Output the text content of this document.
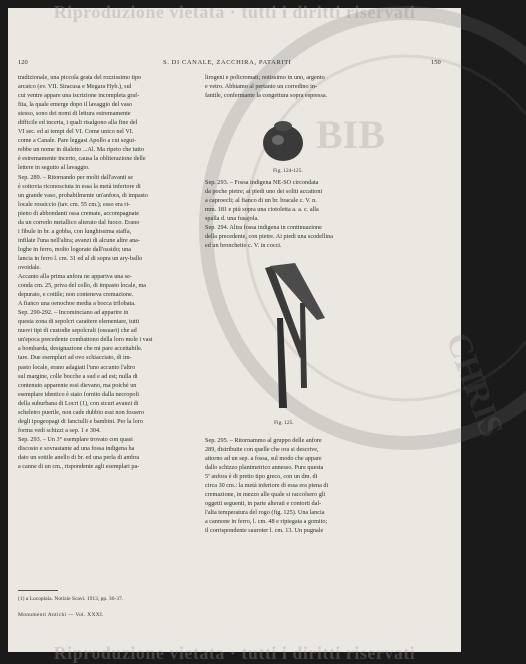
Riproduzione vietata · tutti i diritti riservati
BIB
CHRIS
120	S. DI CANALE, ZACCHIRA, PATARITI	150

tradizionale, una piccola grata del rozzissimo tipo

arcaico (ev. VII. Siracusa e Megara Hyb.), sul

cui ventre appare una iscrizione incompleta graf-

fita, la quale emerge dopo il lavaggio del vaso

stesso, sono dei nomi di lettura estremamente

difficile ed incerta, i quali risalgono alla fine del

VI sec. ed ai tempi del VI. Come unico nel VI.

come a Canale. Pare leggasi Apollo a cui segui-

rebbe un nome in dialetto ...Al. Ma ripeto che tutto

è estremamente incerto, causa la obliterazione delle

lettere in seguito al lavaggio.

Sep. 289. – Ritornando per molti dall'avanti se

è sottovia riconosciuta in essa la metà inferiore di

un grande vaso, probabilmente un'anfora, di impasto

locale rossiccio (tav. cm. 55 cm.); esso era ri-

pieno di abbondanti ossa cremate, accompagnate

da un corredo metallico alterato dal fuoco. Erano

i fibule in br. a gobba, con lunghissima staffa,

infilate l'una nell'altra; avanzi di alcune altre ana-

loghe in ferro, molto logorate dall'ossido; una

lancia in ferro l. cm. 31 ed al di sopra un ary-ballo

ovoidale.

Accanto alla prima anfora ne appariva una se-

conda cm. 25, priva del collo, di impasto locale, ma

depurato, e cottile; non conteneva cremazione.

A fianco una oenochoe media a bocca trilobata.

Sep. 290-292. – Incominciano ad apparire in

questa zona di sepolcri carattere elementare, tutti

nuovi tipi di custodie sepolcrali (ossuari) che ad

un'epoca precedente combattono della loro mole i vasi

a bombarda, designazione che mi pare accettabile.

tare. Due esemplari ad ovo schiacciato, di im-

pasto locale, erano adagiati l'uno accanto l'altro

sul margine, colle bocche a sud e ad est; nulla di

contenuto apparente essi dievano, ma poiché un

esemplare identico è stato fornito dalla necropoli

della suburbana di Locri (1), con sicuri avanzi di

scheletro puerile, non cade dubbio essi non fossero

degli ipogeopagi di fanciulli e bambini. Per la loro

forma vedi schizzi a sep. 1 e 304.

Sep. 293. – Un 3° esemplare trovato con quasi

discosto e sovrastante ad una fossa indigena ha

dato un sottile anello di br. ed una perla di ambra

a canne di un cm., rispondente agli esemplari pa-

lirogeni e policromati; notissimo in uno, argento

e vetro. Abbiamo al pertanto un corredino in-

fantile, confermante la congettura sopra espressa.

Fig. 124-125.

Sep. 293. – Fossa indigena NE-SO circondata

da poche pietre; ai piedi uno dei soliti accattoni

a caproecli; al fianco di un br. bracale c. V. n.

mm. 181 e più sopra una ciotoletta a. a. c. alla

spalla d. una fusajola.

Sep. 294. Altra fossa indigena in continuazione

della precedente, con pietre. Ai piedi una scodellina

ed un bronchetto c. V. in cocci.

Fig. 125.

Sep. 295. – Ritornammo al gruppo delle anfore

289, distribuite con quelle che ora si descrive,

attorno ad un sep. a fossa, sul modo che appare

dallo schizzo planimetrico annesso. Pure questa

5ª anfora è di pretto tipo greco, con un dm. di

circa 30 cm.: la metà inferiore di essa era piena di

cremazione, in mezzo alle quale si raccolsero gli

oggetti seguenti, in parte alterati e contorti dal-

l'alta temperatura del rogo (fig. 125). Una lancia

a cannone in ferro, l. cm. 48 e ripiegata a gomito;

il corrispondente sauroter l. cm. 13. Un pugnale

(1) a Lucoplaia. Notizie Scavi. 1913, pp. 36-37.
Monumenti Antichi — Vol. XXXI.
Riproduzione vietata · tutti i diritti riservati
